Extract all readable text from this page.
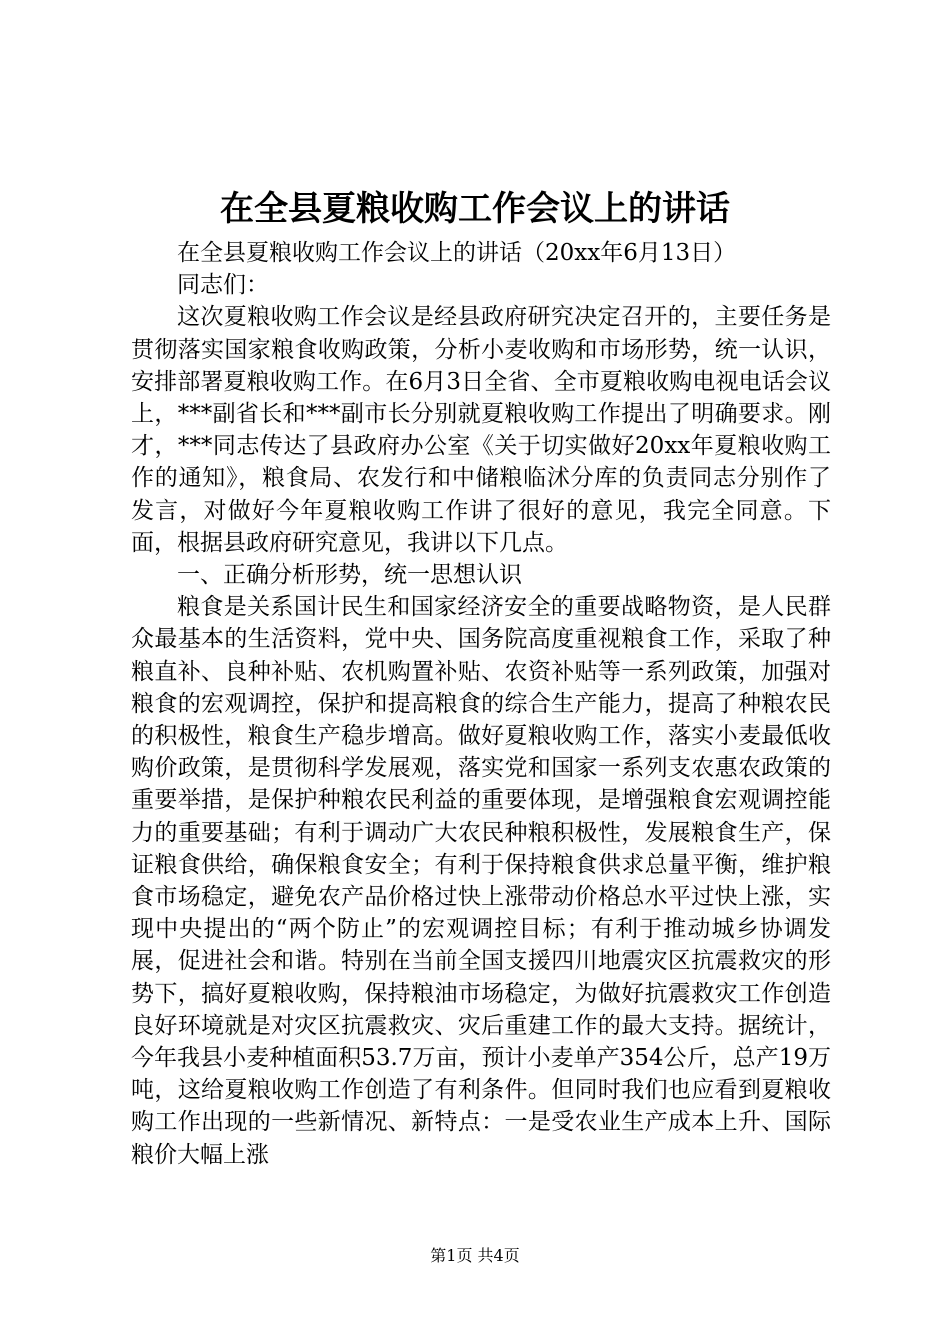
在全县夏粮收购工作会议上的讲话

在全县夏粮收购工作会议上的讲话（20xx年6月13日）

同志们：

这次夏粮收购工作会议是经县政府研究决定召开的，主要任务是贯彻落实国家粮食收购政策，分析小麦收购和市场形势，统一认识，安排部署夏粮收购工作。在6月3日全省、全市夏粮收购电视电话会议上，***副省长和***副市长分别就夏粮收购工作提出了明确要求。刚才，***同志传达了县政府办公室《关于切实做好20xx年夏粮收购工作的通知》，粮食局、农发行和中储粮临沭分库的负责同志分别作了发言，对做好今年夏粮收购工作讲了很好的意见，我完全同意。下面，根据县政府研究意见，我讲以下几点。

一、正确分析形势，统一思想认识

粮食是关系国计民生和国家经济安全的重要战略物资，是人民群众最基本的生活资料，党中央、国务院高度重视粮食工作，采取了种粮直补、良种补贴、农机购置补贴、农资补贴等一系列政策，加强对粮食的宏观调控，保护和提高粮食的综合生产能力，提高了种粮农民的积极性，粮食生产稳步增高。做好夏粮收购工作，落实小麦最低收购价政策，是贯彻科学发展观，落实党和国家一系列支农惠农政策的重要举措，是保护种粮农民利益的重要体现，是增强粮食宏观调控能力的重要基础；有利于调动广大农民种粮积极性，发展粮食生产，保证粮食供给，确保粮食安全；有利于保持粮食供求总量平衡，维护粮食市场稳定，避免农产品价格过快上涨带动价格总水平过快上涨，实现中央提出的“两个防止”的宏观调控目标；有利于推动城乡协调发展，促进社会和谐。特别在当前全国支援四川地震灾区抗震救灾的形势下，搞好夏粮收购，保持粮油市场稳定，为做好抗震救灾工作创造良好环境就是对灾区抗震救灾、灾后重建工作的最大支持。据统计，今年我县小麦种植面积53.7万亩，预计小麦单产354公斤，总产19万吨，这给夏粮收购工作创造了有利条件。但同时我们也应看到夏粮收购工作出现的一些新情况、新特点：一是受农业生产成本上升、国际粮价大幅上涨

第1页 共4页
